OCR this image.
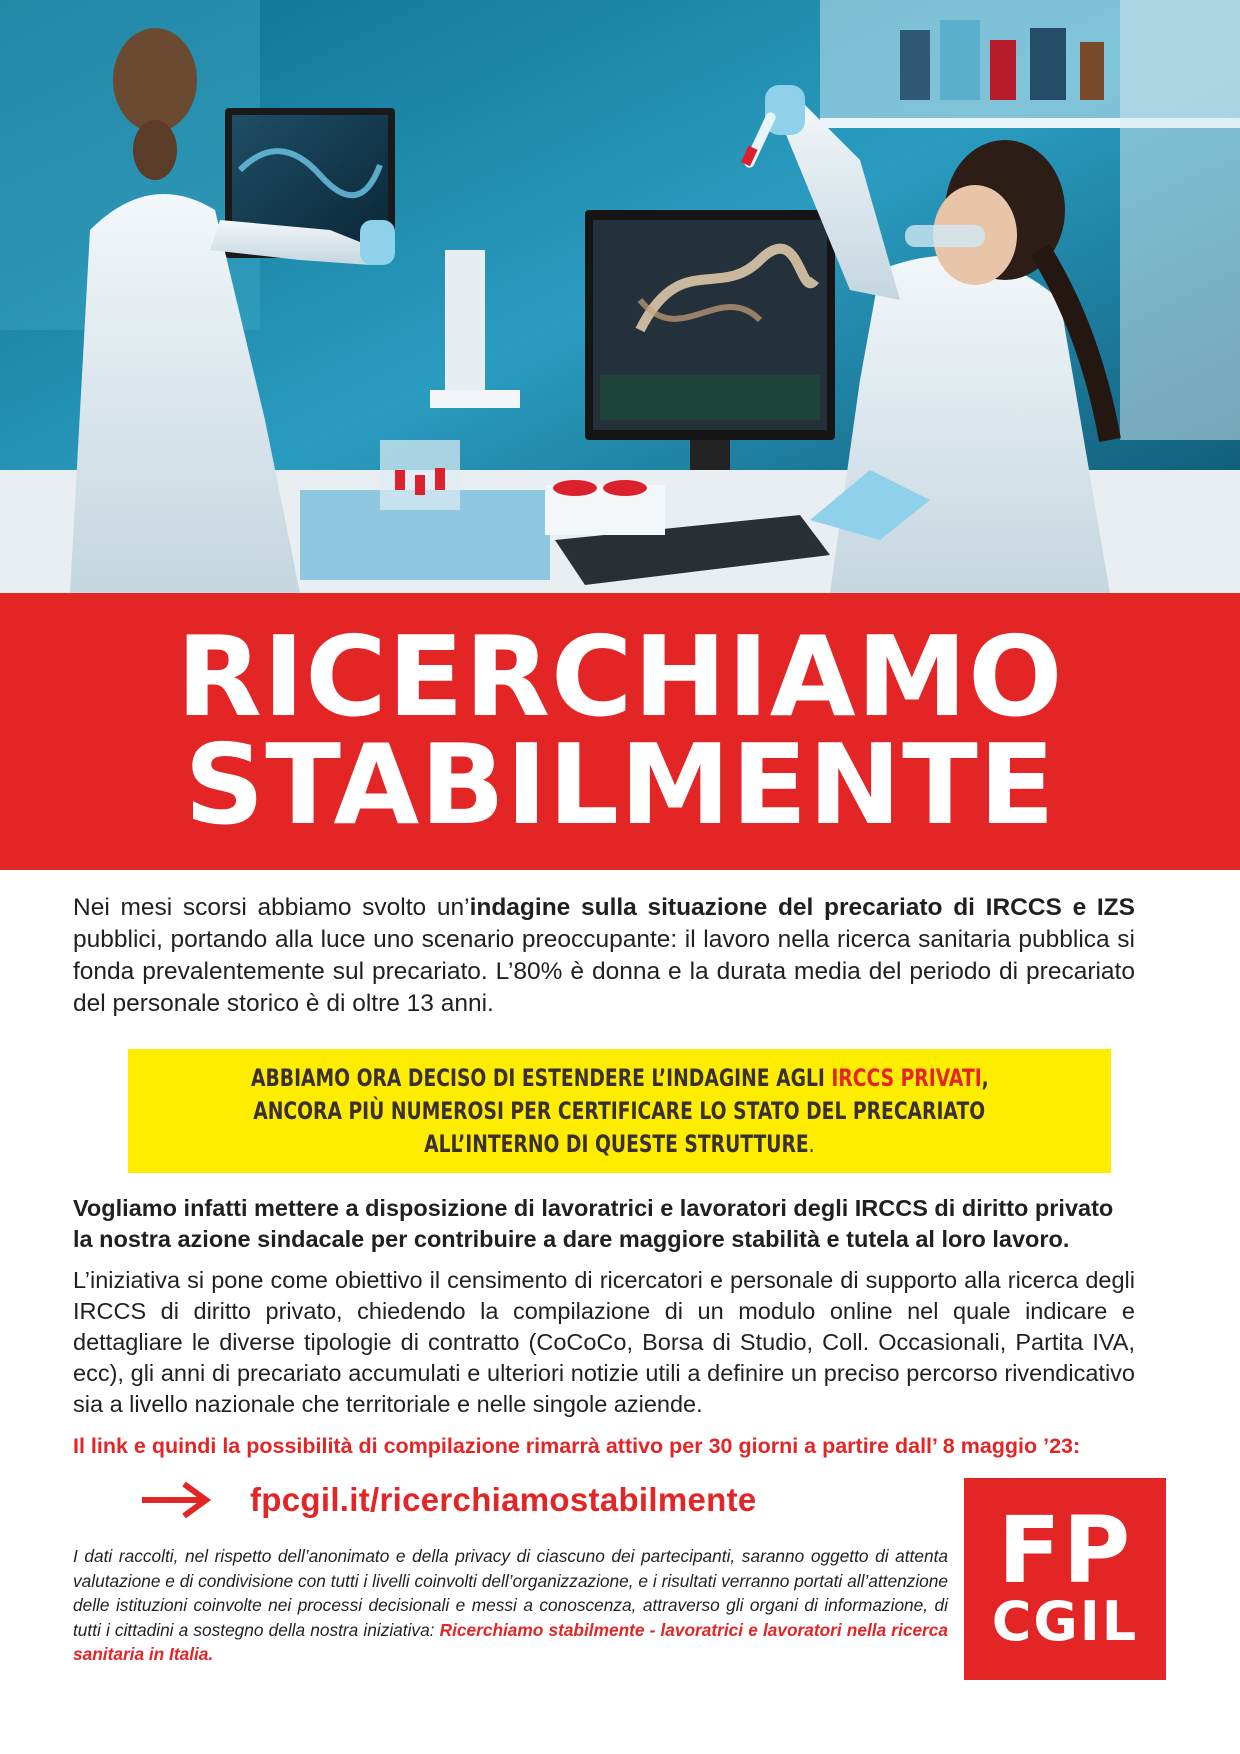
RICERCHIAMO
STABILMENTE

Nei mesi scorsi abbiamo svolto un’indagine sulla situazione del precariato di IRCCS e IZS pubblici, portando alla luce uno scenario preoccupante: il lavoro nella ricerca sanitaria pubblica si fonda prevalentemente sul precariato. L’80% è donna e la durata media del periodo di precariato del personale storico è di oltre 13 anni.

ABBIAMO ORA DECISO DI ESTENDERE L’INDAGINE AGLI IRCCS PRIVATI,

ANCORA PIÙ NUMEROSI PER CERTIFICARE LO STATO DEL PRECARIATO

ALL’INTERNO DI QUESTE STRUTTURE.

Vogliamo infatti mettere a disposizione di lavoratrici e lavoratori degli IRCCS di diritto privato la nostra azione sindacale per contribuire a dare maggiore stabilità e tutela al loro lavoro.

L’iniziativa si pone come obiettivo il censimento di ricercatori e personale di supporto alla ricerca degli IRCCS di diritto privato, chiedendo la compilazione di un modulo online nel quale indicare e dettagliare le diverse tipologie di contratto (CoCoCo, Borsa di Studio, Coll. Occasionali, Partita IVA, ecc), gli anni di precariato accumulati e ulteriori notizie utili a definire un preciso percorso rivendicativo sia a livello nazionale che territoriale e nelle singole aziende.

Il link e quindi la possibilità di compilazione rimarrà attivo per 30 giorni a partire dall’ 8 maggio ’23:

fpcgil.it/ricerchiamostabilmente

I dati raccolti, nel rispetto dell’anonimato e della privacy di ciascuno dei partecipanti, saranno oggetto di attenta valutazione e di condivisione con tutti i livelli coinvolti dell’organizzazione, e i risultati verranno portati all’attenzione delle istituzioni coinvolte nei processi decisionali e messi a conoscenza, attraverso gli organi di informazione, di tutti i cittadini a sostegno della nostra iniziativa: Ricerchiamo stabilmente - lavoratrici e lavoratori nella ricerca sanitaria in Italia.

FP
CGIL
